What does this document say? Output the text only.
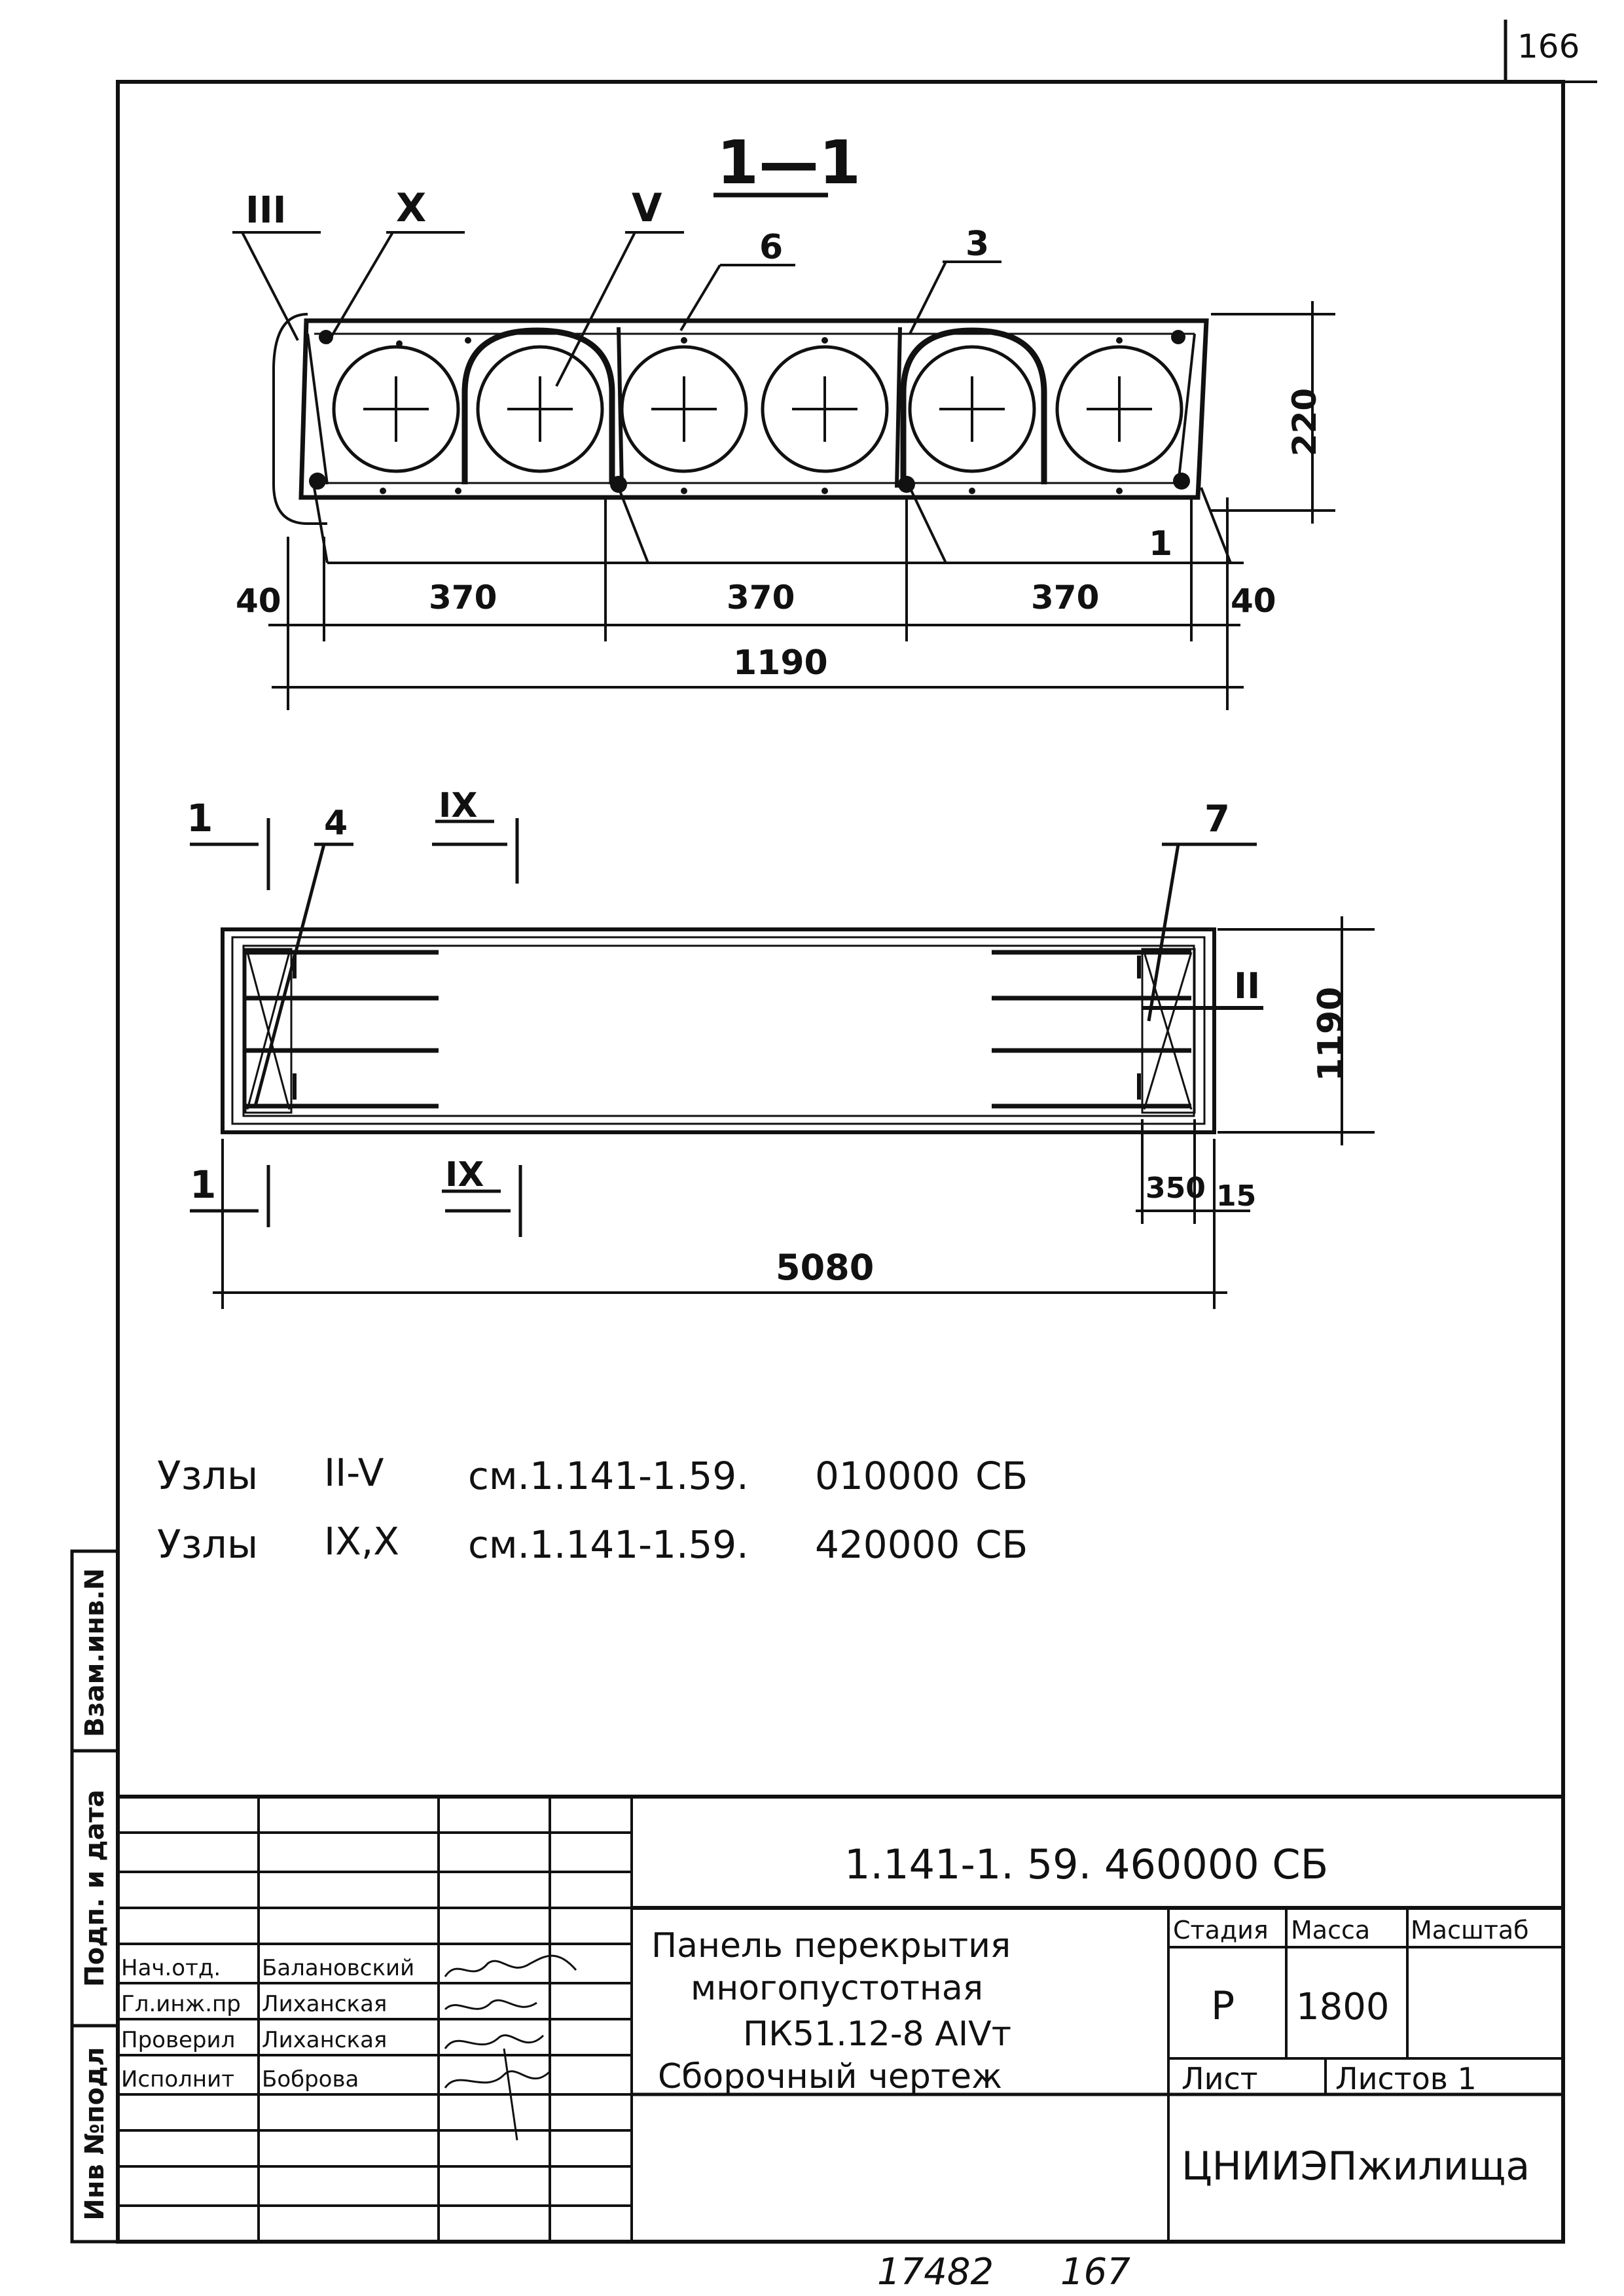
166
1—1
III	X	V
6	3
1
220
40	370	370	370	40
1190
1
1
IX
IX
4	7
II
1190
350 15
5080
Узлы II-V см.1.141-1.59. 010000 СБ
Узлы IX,X см.1.141-1.59. 420000 СБ
Взам.инв.N
Подп. и дата
Инв №подл
1.141-1. 59. 460000 СБ
Панель перекрытия
многопустотная
ПК51.12-8 АIVт
Сборочный чертеж
Стадия Масса Масштаб
Р 1800
Лист	Листов 1
ЦНИИЭПжилища
Нач.отд. Балановский
Гл.инж.пр Лиханская
Проверил Лиханская
Исполнит Боброва
17482 167
